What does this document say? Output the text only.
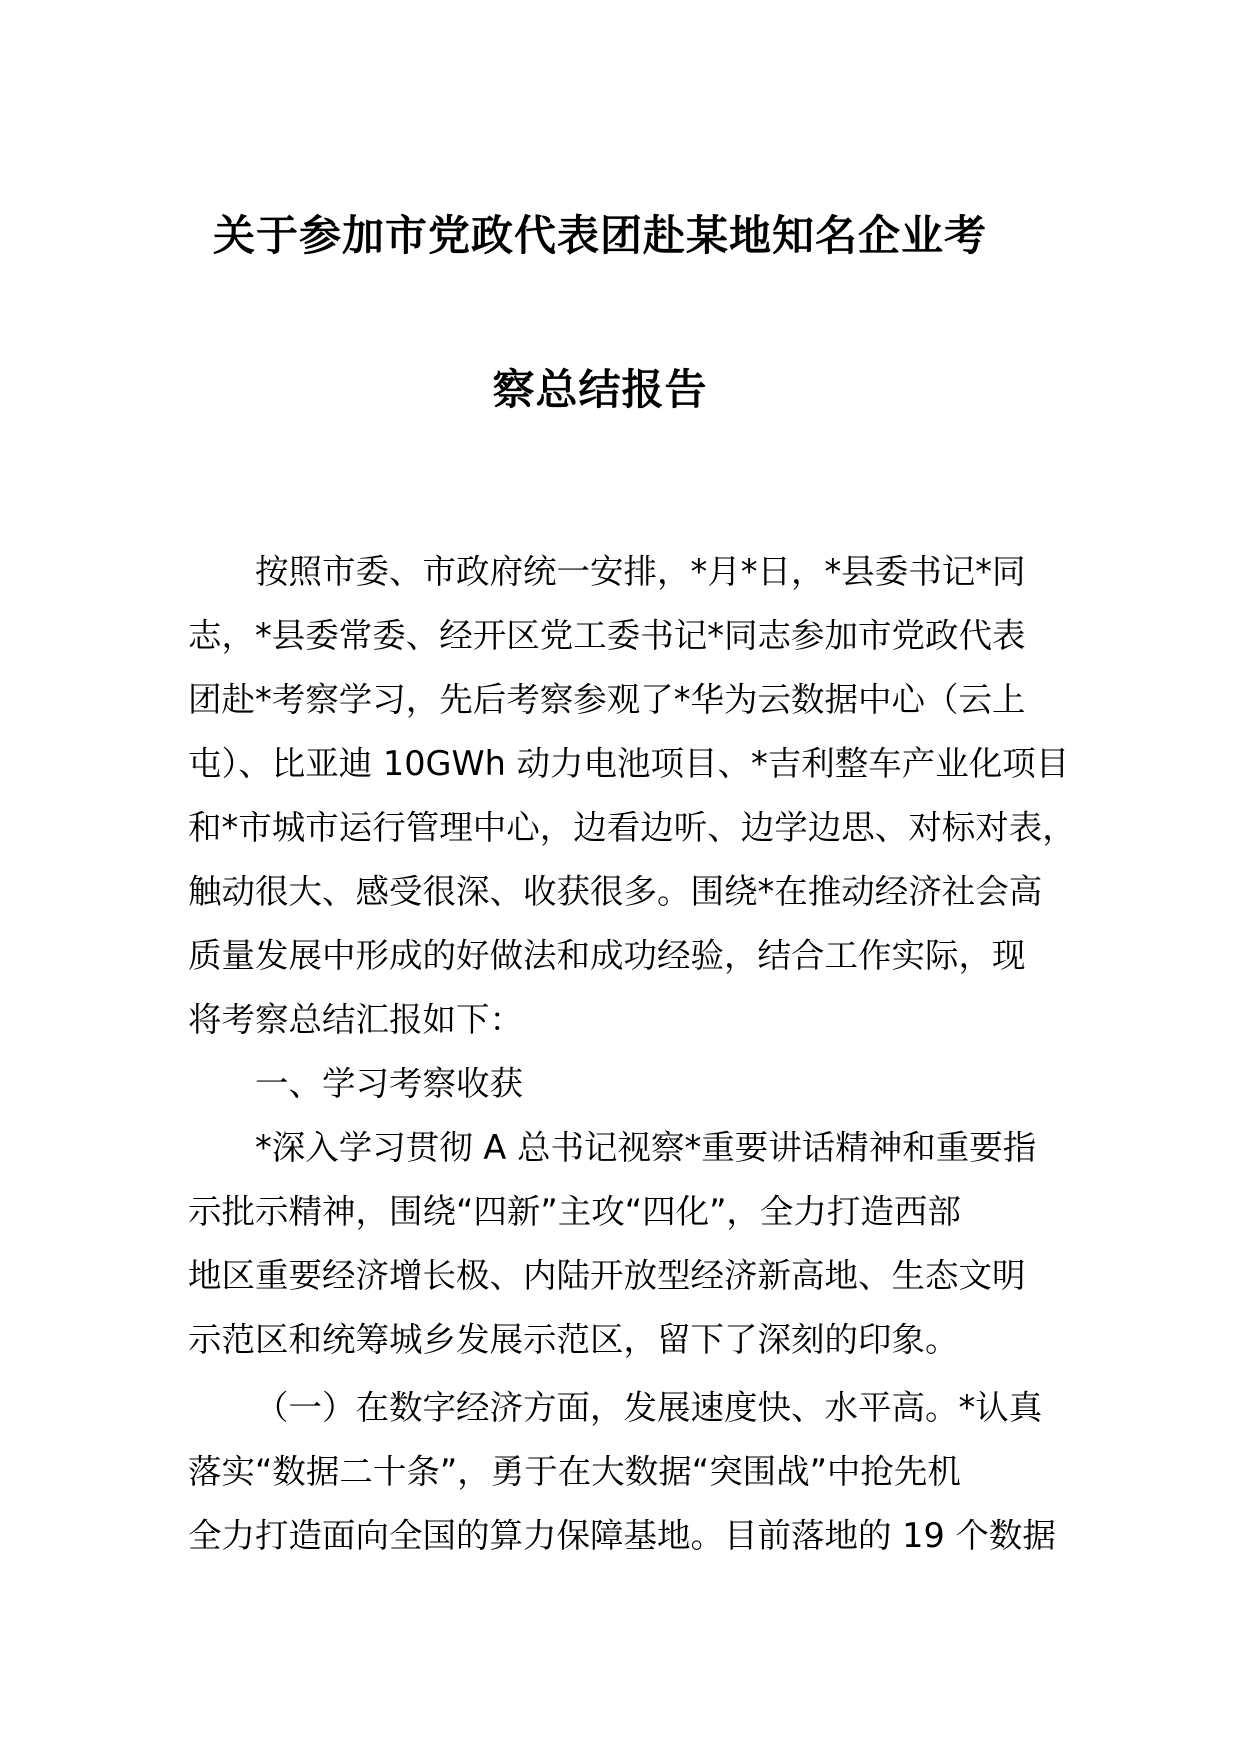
关于参加市党政代表团赴某地知名企业考
察总结报告
按照市委、市政府统一安排，*月*日，*县委书记*同
志，*县委常委、经开区党工委书记*同志参加市党政代表
团赴*考察学习，先后考察参观了*华为云数据中心（云上
屯）、比亚迪 10GWh 动力电池项目、*吉利整车产业化项目
和*市城市运行管理中心，边看边听、边学边思、对标对表，
触动很大、感受很深、收获很多。围绕*在推动经济社会高
质量发展中形成的好做法和成功经验，结合工作实际，现
将考察总结汇报如下：
一、学习考察收获
*深入学习贯彻 A 总书记视察*重要讲话精神和重要指
示批示精神，围绕“四新”主攻“四化”，全力打造西部
地区重要经济增长极、内陆开放型经济新高地、生态文明
示范区和统筹城乡发展示范区，留下了深刻的印象。
（一）在数字经济方面，发展速度快、水平高。*认真
落实“数据二十条”，勇于在大数据“突围战”中抢先机
全力打造面向全国的算力保障基地。目前落地的 19 个数据
